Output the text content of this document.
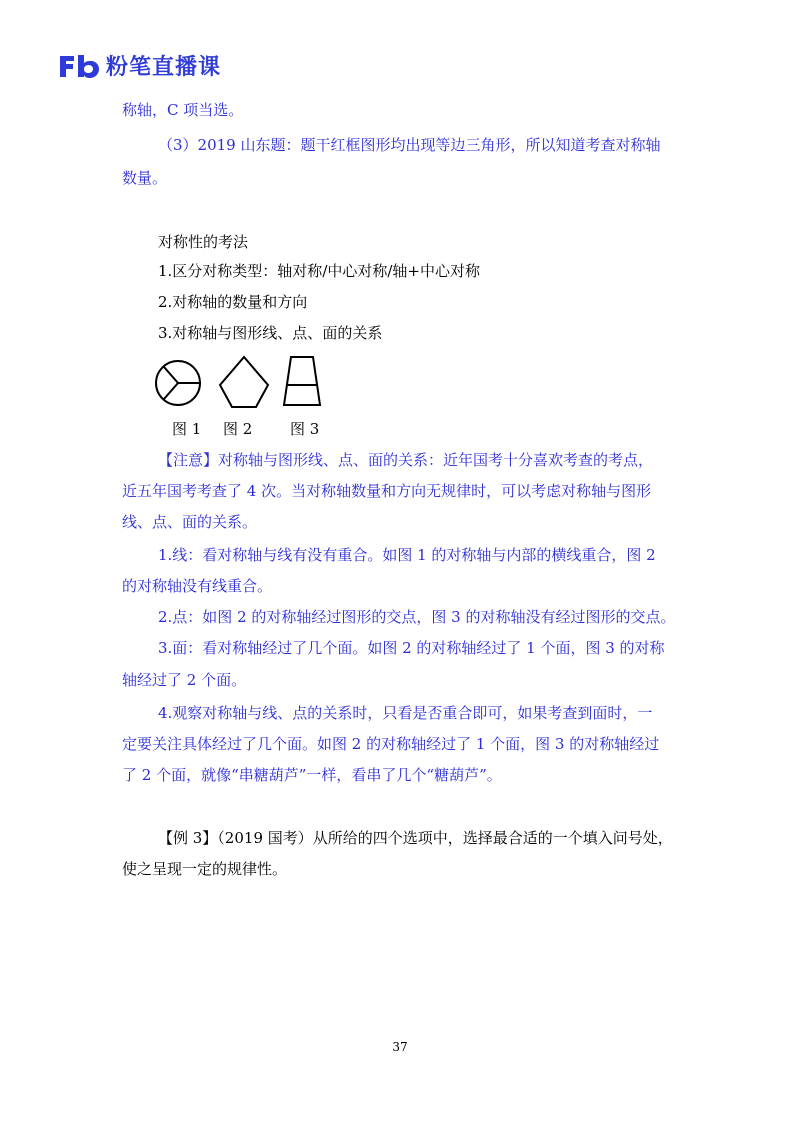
粉笔直播课
称轴，C 项当选。
（3）2019 山东题：题干红框图形均出现等边三角形，所以知道考查对称轴
数量。
对称性的考法
1.区分对称类型：轴对称/中心对称/轴+中心对称
2.对称轴的数量和方向
3.对称轴与图形线、点、面的关系
图 1 图 2	图 3
【注意】对称轴与图形线、点、面的关系：近年国考十分喜欢考查的考点，
近五年国考考查了 4 次。当对称轴数量和方向无规律时，可以考虑对称轴与图形
线、点、面的关系。
1.线：看对称轴与线有没有重合。如图 1 的对称轴与内部的横线重合，图 2
的对称轴没有线重合。
2.点：如图 2 的对称轴经过图形的交点，图 3 的对称轴没有经过图形的交点。
3.面：看对称轴经过了几个面。如图 2 的对称轴经过了 1 个面，图 3 的对称
轴经过了 2 个面。
4.观察对称轴与线、点的关系时，只看是否重合即可，如果考查到面时，一
定要关注具体经过了几个面。如图 2 的对称轴经过了 1 个面，图 3 的对称轴经过
了 2 个面，就像“串糖葫芦”一样，看串了几个“糖葫芦”。
【例 3】（2019 国考）从所给的四个选项中，选择最合适的一个填入问号处，
使之呈现一定的规律性。
37
